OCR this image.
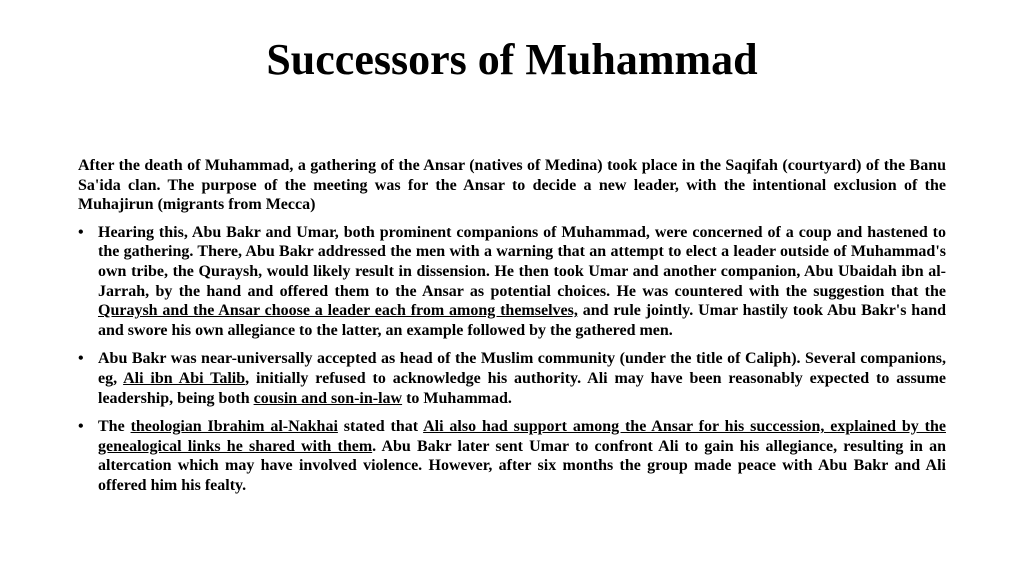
Successors of Muhammad

After the death of Muhammad, a gathering of the Ansar (natives of Medina) took place in the Saqifah (courtyard) of the Banu Sa'ida clan. The purpose of the meeting was for the Ansar to decide a new leader, with the intentional exclusion of the Muhajirun (migrants from Mecca)

• Hearing this, Abu Bakr and Umar, both prominent companions of Muhammad, were concerned of a coup and hastened to the gathering. There, Abu Bakr addressed the men with a warning that an attempt to elect a leader outside of Muhammad's own tribe, the Quraysh, would likely result in dissension. He then took Umar and another companion, Abu Ubaidah ibn al-Jarrah, by the hand and offered them to the Ansar as potential choices. He was countered with the suggestion that the Quraysh and the Ansar choose a leader each from among themselves, and rule jointly. Umar hastily took Abu Bakr's hand and swore his own allegiance to the latter, an example followed by the gathered men.
• Abu Bakr was near-universally accepted as head of the Muslim community (under the title of Caliph). Several companions, eg, Ali ibn Abi Talib, initially refused to acknowledge his authority. Ali may have been reasonably expected to assume leadership, being both cousin and son-in-law to Muhammad.
• The theologian Ibrahim al-Nakhai stated that Ali also had support among the Ansar for his succession, explained by the genealogical links he shared with them. Abu Bakr later sent Umar to confront Ali to gain his allegiance, resulting in an altercation which may have involved violence. However, after six months the group made peace with Abu Bakr and Ali offered him his fealty.
